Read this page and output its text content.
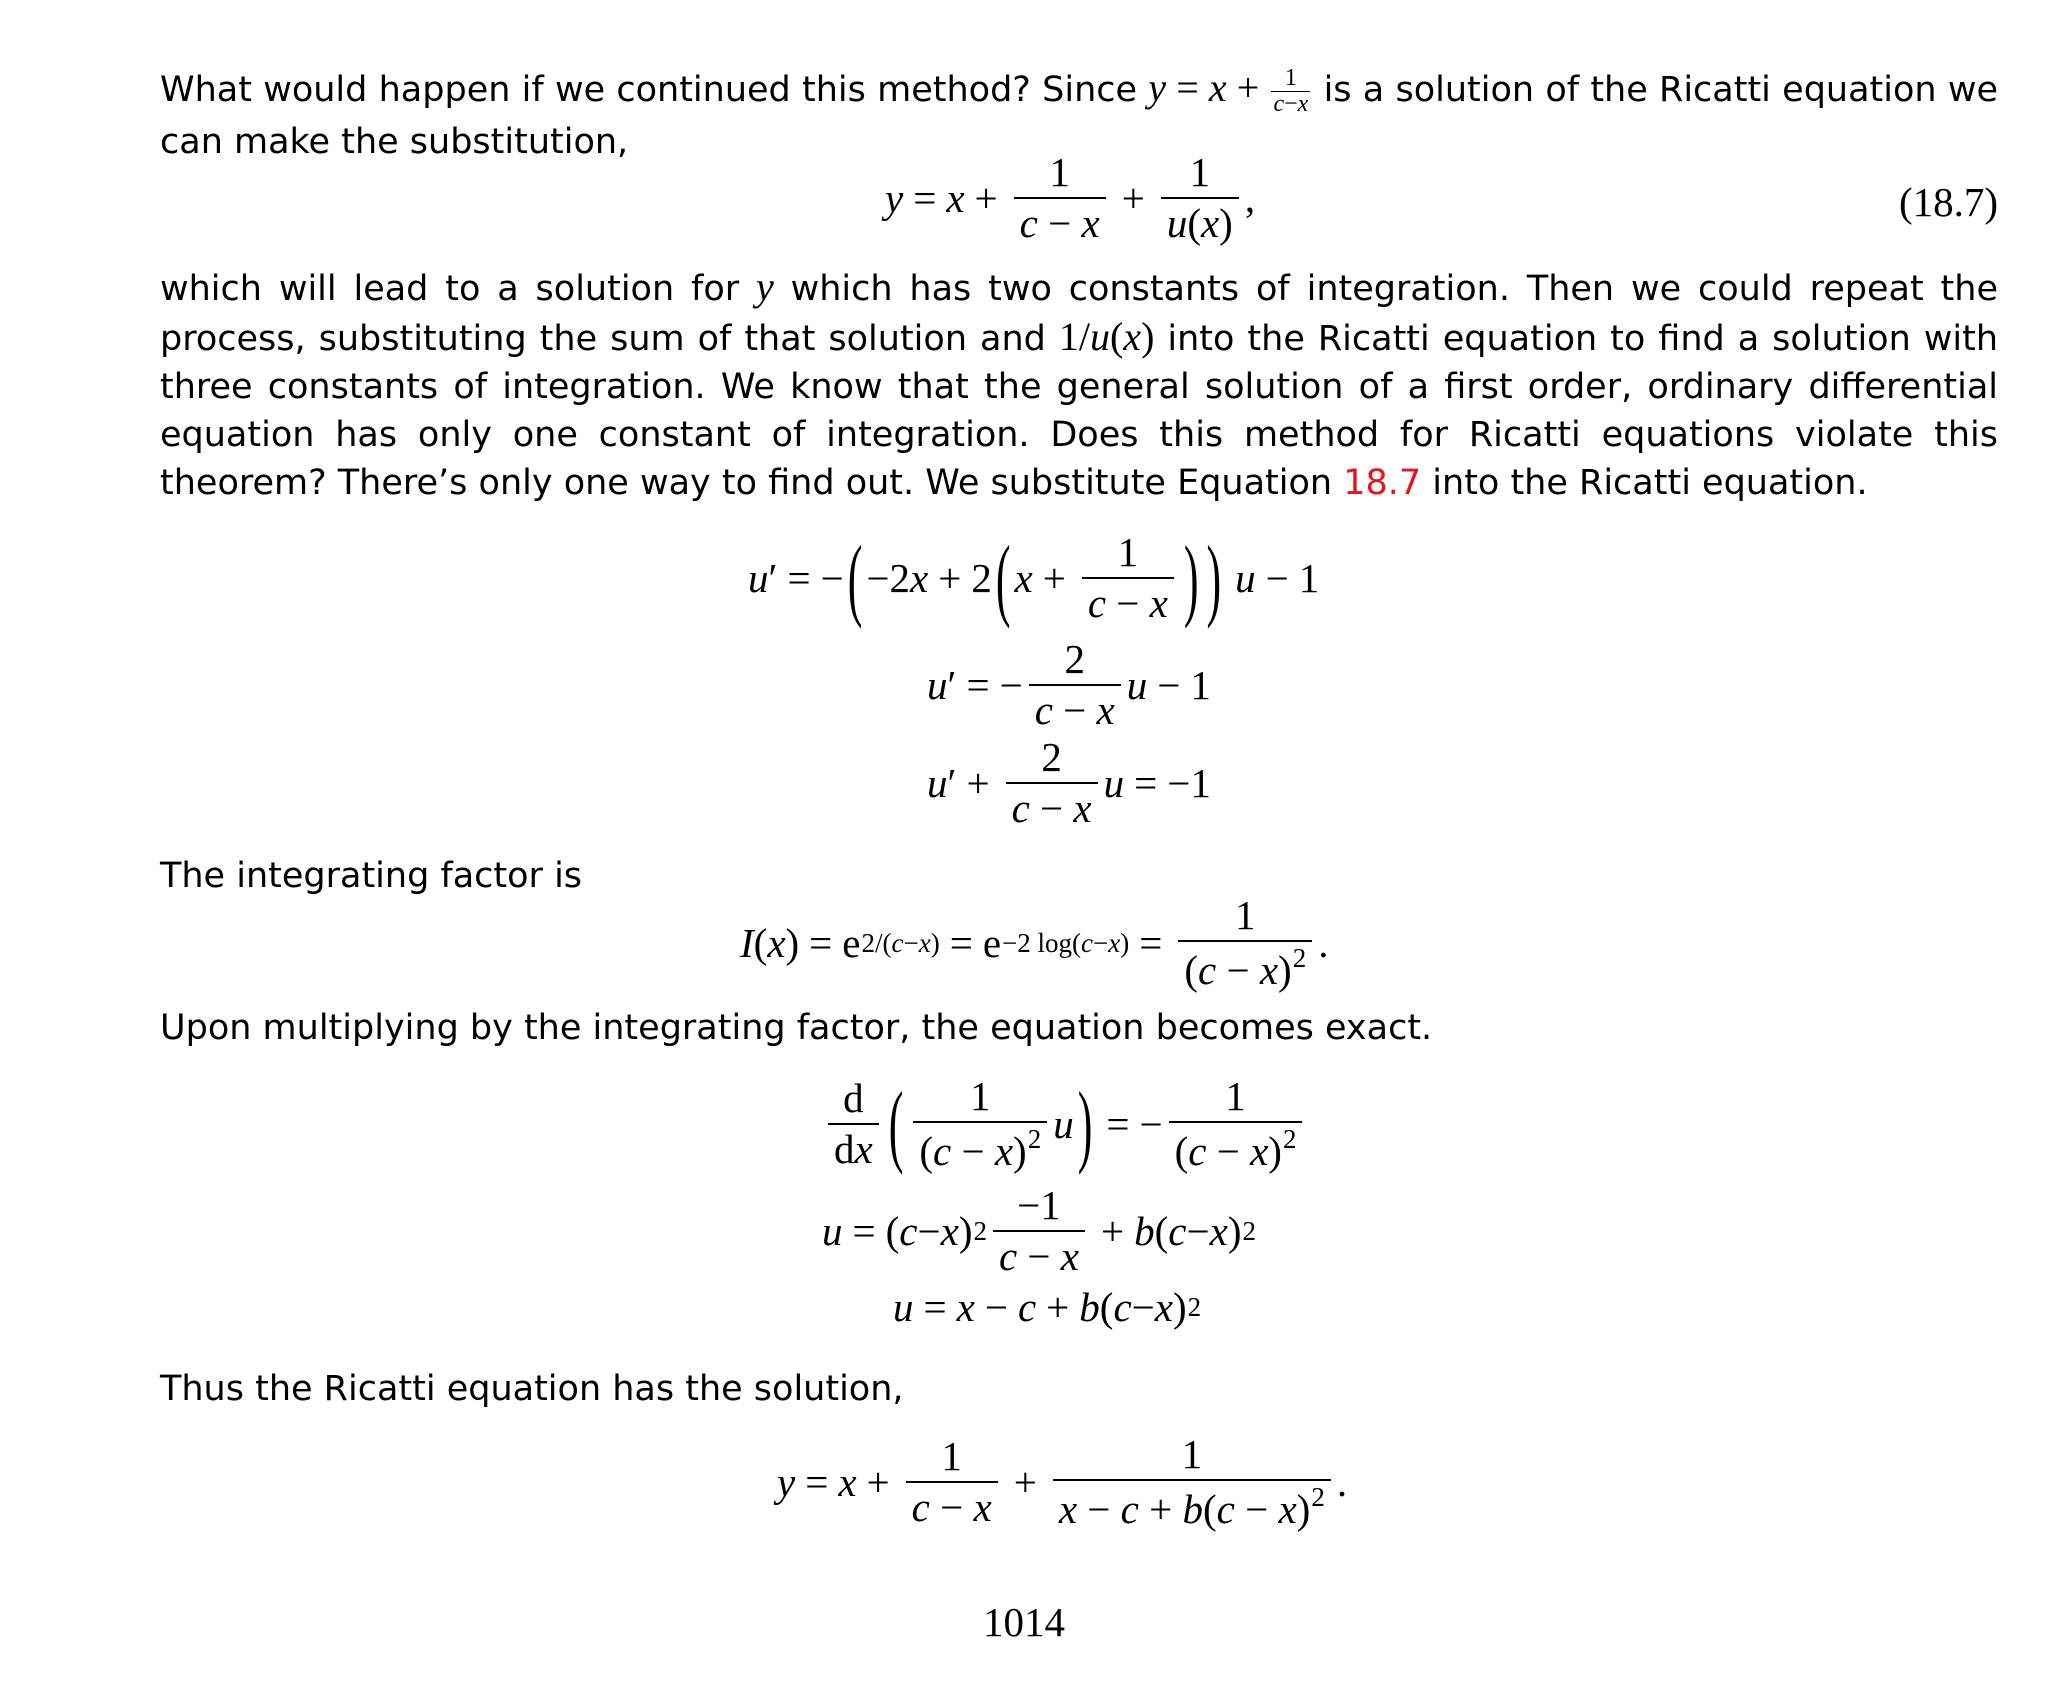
What would happen if we continued this method? Since $y = x + \frac{1}{c-x}$ is a solution of the Ricatti equation we can make the substitution,
$y = x + \frac{1}{c - x} + \frac{1}{u(x)}$ ,	(18.7)
which will lead to a solution for y which has two constants of integration. Then we could repeat the process, substituting the sum of that solution and 1/u(x) into the Ricatti equation to find a solution with three constants of integration. We know that the general solution of a first order, ordinary differential equation has only one constant of integration. Does this method for Ricatti equations violate this theorem? There’s only one way to find out. We substitute Equation 18.7 into the Ricatti equation.
u ′ = − ( −2 x + 2 ( $x + \frac{1}{c - x}$ ) ) u − 1
u ′ = − $\frac{2}{c - x}$ u − 1
u ′ + $\frac{2}{c - x}$ u = −1
The integrating factor is
I ( x ) = e 2/(c−x) = e −2 $\log(c-x) = \frac{1}{(c - x)^2}$ .
Upon multiplying by the integrating factor, the equation becomes exact.
$\frac{d}{dx}$ ( $\frac{1}{(c - x)^2}$ u ) = − $\frac{1}{(c - x)^2}$
u = ( c − x ) $2 \frac{-1}{c - x} + b$ ( c − x ) 2
u = x − c + b ( c − x ) 2
Thus the Ricatti equation has the solution,
$y = x + \frac{1}{c - x} + \frac{1}{x - c + b(c - x)^2}$ .
1014
